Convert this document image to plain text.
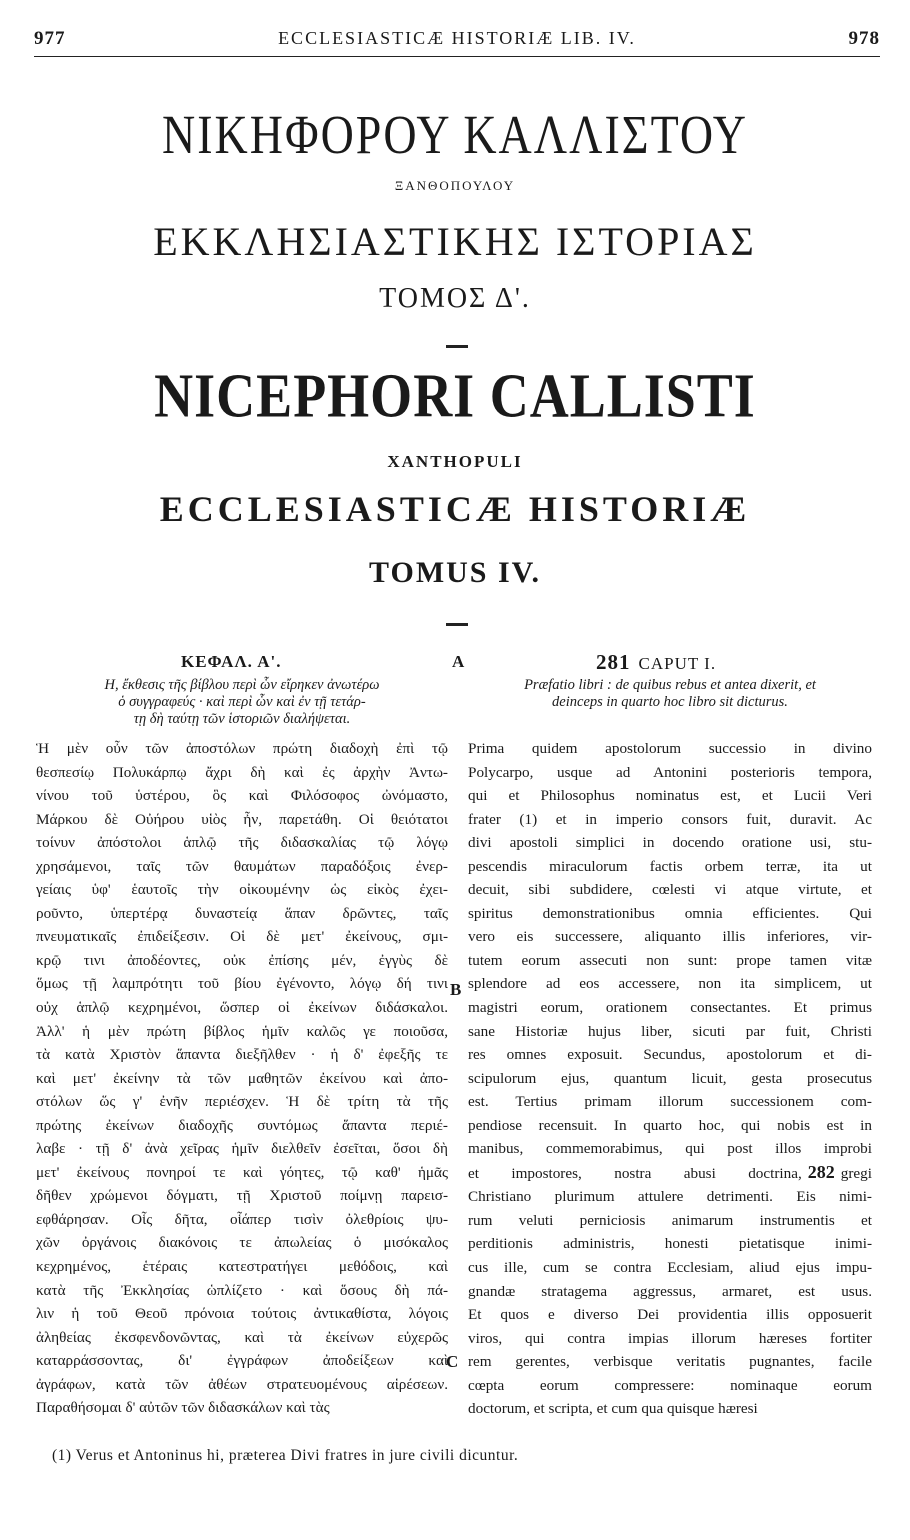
977	ECCLESIASTICÆ HISTORIÆ LIB. IV.	978
ΝΙΚΗΦΟΡΟΥ ΚΑΛΛΙΣΤΟΥ
ΞΑΝΘΟΠΟΥΛΟΥ
ΕΚΚΛΗΣΙΑΣΤΙΚΗΣ ΙΣΤΟΡΙΑΣ
ΤΟΜΟΣ Δ'.
NICEPHORI CALLISTI
XANTHOPULI
ECCLESIASTICÆ HISTORIÆ
TOMUS IV.
ΚΕΦΑΛ. Α'.
Η, ἔκθεσις τῆς βίβλου περὶ ὧν εἴρηκεν ἀνωτέρω
ὁ συγγραφεύς · καὶ περὶ ὧν καὶ ἐν τῇ τετάρ-
τῃ δὴ ταύτῃ τῶν ἱστοριῶν διαλήψεται.
Ἡ μὲν οὖν τῶν ἀποστόλων πρώτη διαδοχὴ ἐπὶ τῷ
θεσπεσίῳ Πολυκάρπῳ ἄχρι δὴ καὶ ἐς ἀρχὴν Ἀντω-
νίνου τοῦ ὑστέρου, ὃς καὶ Φιλόσοφος ὠνόμαστο,
Μάρκου δὲ Οὐήρου υἱὸς ἦν, παρετάθη. Οἱ θειότατοι
τοίνυν ἀπόστολοι ἁπλῷ τῆς διδασκαλίας τῷ λόγῳ
χρησάμενοι, ταῖς τῶν θαυμάτων παραδόξοις ἐνερ-
γείαις ὑφ' ἑαυτοῖς τὴν οἰκουμένην ὡς εἰκὸς ἐχει-
ροῦντο, ὑπερτέρᾳ δυναστείᾳ ἅπαν δρῶντες, ταῖς
πνευματικαῖς ἐπιδείξεσιν. Οἱ δὲ μετ' ἐκείνους, σμι-
κρῷ τινι ἀποδέοντες, οὐκ ἐπίσης μέν, ἐγγὺς δὲ
ὅμως τῇ λαμπρότητι τοῦ βίου ἐγένοντο, λόγῳ δή τινι
οὐχ ἁπλῷ κεχρημένοι, ὥσπερ οἱ ἐκείνων διδάσκαλοι.
Ἀλλ' ἡ μὲν πρώτη βίβλος ἡμῖν καλῶς γε ποιοῦσα,
τὰ κατὰ Χριστὸν ἅπαντα διεξῆλθεν · ἡ δ' ἐφεξῆς τε
καὶ μετ' ἐκείνην τὰ τῶν μαθητῶν ἐκείνου καὶ ἀπο-
στόλων ὥς γ' ἐνῆν περιέσχεν. Ἡ δὲ τρίτη τὰ τῆς
πρώτης ἐκείνων διαδοχῆς συντόμως ἅπαντα περιέ-
λαβε · τῇ δ' ἀνὰ χεῖρας ἡμῖν διελθεῖν ἐσεῖται, ὅσοι δὴ
μετ' ἐκείνους πονηροί τε καὶ γόητες, τῷ καθ' ἡμᾶς
δῆθεν χρώμενοι δόγματι, τῇ Χριστοῦ ποίμνῃ παρεισ-
εφθάρησαν. Οἷς δῆτα, οἷάπερ τισὶν ὀλεθρίοις ψυ-
χῶν ὀργάνοις διακόνοις τε ἀπωλείας ὁ μισόκαλος
κεχρημένος, ἑτέραις κατεστρατήγει μεθόδοις, καὶ
κατὰ τῆς Ἐκκλησίας ὡπλίζετο · καὶ ὅσους δὴ πά-
λιν ἡ τοῦ Θεοῦ πρόνοια τούτοις ἀντικαθίστα, λόγοις
ἀληθείας ἐκσφενδονῶντας, καὶ τὰ ἐκείνων εὐχερῶς
καταρράσσοντας, δι' ἐγγράφων ἀποδείξεων καὶ
ἀγράφων, κατὰ τῶν ἀθέων στρατευομένους αἱρέσεων.
Παραθήσομαι δ' αὐτῶν τῶν διδασκάλων καὶ τὰς
A
B
C
281 CAPUT I.
Præfatio libri : de quibus rebus et antea dixerit, et
deinceps in quarto hoc libro sit dicturus.
Prima quidem apostolorum successio in divino
Polycarpo, usque ad Antonini posterioris tempora,
qui et Philosophus nominatus est, et Lucii Veri
frater (1) et in imperio consors fuit, duravit. Ac
divi apostoli simplici in docendo oratione usi, stu-
pescendis miraculorum factis orbem terræ, ita ut
decuit, sibi subdidere, cœlesti vi atque virtute, et
spiritus demonstrationibus omnia efficientes. Qui
vero eis successere, aliquanto illis inferiores, vir-
tutem eorum assecuti non sunt: prope tamen vitæ
splendore ad eos accessere, non ita simplicem, ut
magistri eorum, orationem consectantes. Et primus
sane Historiæ hujus liber, sicuti par fuit, Christi
res omnes exposuit. Secundus, apostolorum et di-
scipulorum ejus, quantum licuit, gesta prosecutus
est. Tertius primam illorum successionem com-
pendiose recensuit. In quarto hoc, qui nobis est in
manibus, commemorabimus, qui post illos improbi
et impostores, nostra abusi doctrina, 282 gregi
Christiano plurimum attulere detrimenti. Eis nimi-
rum veluti perniciosis animarum instrumentis et
perditionis administris, honesti pietatisque inimi-
cus ille, cum se contra Ecclesiam, aliud ejus impu-
gnandæ stratagema aggressus, armaret, est usus.
Et quos e diverso Dei providentia illis opposuerit
viros, qui contra impias illorum hæreses fortiter
rem gerentes, verbisque veritatis pugnantes, facile
cœpta eorum compressere: nominaque eorum
doctorum, et scripta, et cum qua quisque hæresi
(1) Verus et Antoninus hi, præterea Divi fratres in jure civili dicuntur.
